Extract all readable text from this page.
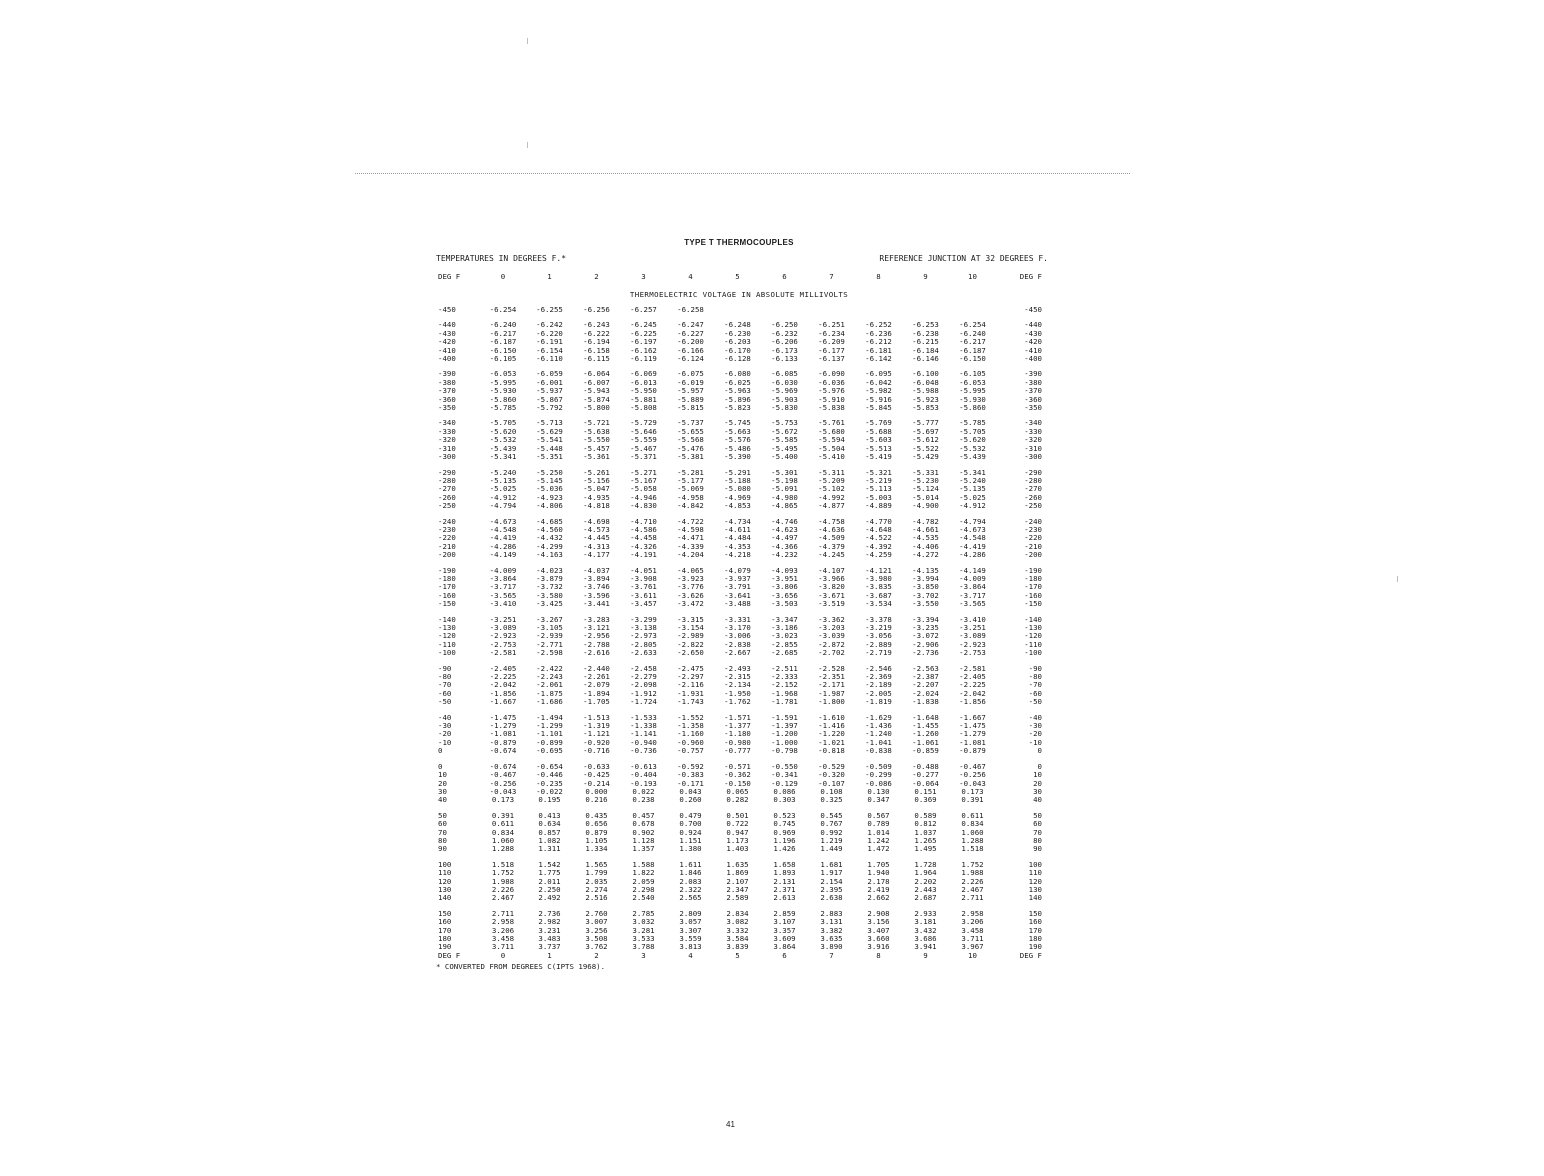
TYPE T THERMOCOUPLES
TEMPERATURES IN DEGREES F.*	REFERENCE JUNCTION AT 32 DEGREES F.
DEG F	0	1	2	3	4	5	6	7	8	9	10	DEG F
THERMOELECTRIC VOLTAGE IN ABSOLUTE MILLIVOLTS												
-450	-6.254	-6.255	-6.256	-6.257	-6.258							-450

-440	-6.240	-6.242	-6.243	-6.245	-6.247	-6.248	-6.250	-6.251	-6.252	-6.253	-6.254	-440
-430	-6.217	-6.220	-6.222	-6.225	-6.227	-6.230	-6.232	-6.234	-6.236	-6.238	-6.240	-430
-420	-6.187	-6.191	-6.194	-6.197	-6.200	-6.203	-6.206	-6.209	-6.212	-6.215	-6.217	-420
-410	-6.150	-6.154	-6.158	-6.162	-6.166	-6.170	-6.173	-6.177	-6.181	-6.184	-6.187	-410
-400	-6.105	-6.110	-6.115	-6.119	-6.124	-6.128	-6.133	-6.137	-6.142	-6.146	-6.150	-400

-390	-6.053	-6.059	-6.064	-6.069	-6.075	-6.080	-6.085	-6.090	-6.095	-6.100	-6.105	-390
-380	-5.995	-6.001	-6.007	-6.013	-6.019	-6.025	-6.030	-6.036	-6.042	-6.048	-6.053	-380
-370	-5.930	-5.937	-5.943	-5.950	-5.957	-5.963	-5.969	-5.976	-5.982	-5.988	-5.995	-370
-360	-5.860	-5.867	-5.874	-5.881	-5.889	-5.896	-5.903	-5.910	-5.916	-5.923	-5.930	-360
-350	-5.785	-5.792	-5.800	-5.808	-5.815	-5.823	-5.830	-5.838	-5.845	-5.853	-5.860	-350

-340	-5.705	-5.713	-5.721	-5.729	-5.737	-5.745	-5.753	-5.761	-5.769	-5.777	-5.785	-340
-330	-5.620	-5.629	-5.638	-5.646	-5.655	-5.663	-5.672	-5.680	-5.688	-5.697	-5.705	-330
-320	-5.532	-5.541	-5.550	-5.559	-5.568	-5.576	-5.585	-5.594	-5.603	-5.612	-5.620	-320
-310	-5.439	-5.448	-5.457	-5.467	-5.476	-5.486	-5.495	-5.504	-5.513	-5.522	-5.532	-310
-300	-5.341	-5.351	-5.361	-5.371	-5.381	-5.390	-5.400	-5.410	-5.419	-5.429	-5.439	-300

-290	-5.240	-5.250	-5.261	-5.271	-5.281	-5.291	-5.301	-5.311	-5.321	-5.331	-5.341	-290
-280	-5.135	-5.145	-5.156	-5.167	-5.177	-5.188	-5.198	-5.209	-5.219	-5.230	-5.240	-280
-270	-5.025	-5.036	-5.047	-5.058	-5.069	-5.080	-5.091	-5.102	-5.113	-5.124	-5.135	-270
-260	-4.912	-4.923	-4.935	-4.946	-4.958	-4.969	-4.980	-4.992	-5.003	-5.014	-5.025	-260
-250	-4.794	-4.806	-4.818	-4.830	-4.842	-4.853	-4.865	-4.877	-4.889	-4.900	-4.912	-250

-240	-4.673	-4.685	-4.698	-4.710	-4.722	-4.734	-4.746	-4.758	-4.770	-4.782	-4.794	-240
-230	-4.548	-4.560	-4.573	-4.586	-4.598	-4.611	-4.623	-4.636	-4.648	-4.661	-4.673	-230
-220	-4.419	-4.432	-4.445	-4.458	-4.471	-4.484	-4.497	-4.509	-4.522	-4.535	-4.548	-220
-210	-4.286	-4.299	-4.313	-4.326	-4.339	-4.353	-4.366	-4.379	-4.392	-4.406	-4.419	-210
-200	-4.149	-4.163	-4.177	-4.191	-4.204	-4.218	-4.232	-4.245	-4.259	-4.272	-4.286	-200

-190	-4.009	-4.023	-4.037	-4.051	-4.065	-4.079	-4.093	-4.107	-4.121	-4.135	-4.149	-190
-180	-3.864	-3.879	-3.894	-3.908	-3.923	-3.937	-3.951	-3.966	-3.980	-3.994	-4.009	-180
-170	-3.717	-3.732	-3.746	-3.761	-3.776	-3.791	-3.806	-3.820	-3.835	-3.850	-3.864	-170
-160	-3.565	-3.580	-3.596	-3.611	-3.626	-3.641	-3.656	-3.671	-3.687	-3.702	-3.717	-160
-150	-3.410	-3.425	-3.441	-3.457	-3.472	-3.488	-3.503	-3.519	-3.534	-3.550	-3.565	-150

-140	-3.251	-3.267	-3.283	-3.299	-3.315	-3.331	-3.347	-3.362	-3.378	-3.394	-3.410	-140
-130	-3.089	-3.105	-3.121	-3.138	-3.154	-3.170	-3.186	-3.203	-3.219	-3.235	-3.251	-130
-120	-2.923	-2.939	-2.956	-2.973	-2.989	-3.006	-3.023	-3.039	-3.056	-3.072	-3.089	-120
-110	-2.753	-2.771	-2.788	-2.805	-2.822	-2.838	-2.855	-2.872	-2.889	-2.906	-2.923	-110
-100	-2.581	-2.598	-2.616	-2.633	-2.650	-2.667	-2.685	-2.702	-2.719	-2.736	-2.753	-100

-90	-2.405	-2.422	-2.440	-2.458	-2.475	-2.493	-2.511	-2.528	-2.546	-2.563	-2.581	-90
-80	-2.225	-2.243	-2.261	-2.279	-2.297	-2.315	-2.333	-2.351	-2.369	-2.387	-2.405	-80
-70	-2.042	-2.061	-2.079	-2.098	-2.116	-2.134	-2.152	-2.171	-2.189	-2.207	-2.225	-70
-60	-1.856	-1.875	-1.894	-1.912	-1.931	-1.950	-1.968	-1.987	-2.005	-2.024	-2.042	-60
-50	-1.667	-1.686	-1.705	-1.724	-1.743	-1.762	-1.781	-1.800	-1.819	-1.838	-1.856	-50

-40	-1.475	-1.494	-1.513	-1.533	-1.552	-1.571	-1.591	-1.610	-1.629	-1.648	-1.667	-40
-30	-1.279	-1.299	-1.319	-1.338	-1.358	-1.377	-1.397	-1.416	-1.436	-1.455	-1.475	-30
-20	-1.081	-1.101	-1.121	-1.141	-1.160	-1.180	-1.200	-1.220	-1.240	-1.260	-1.279	-20
-10	-0.879	-0.899	-0.920	-0.940	-0.960	-0.980	-1.000	-1.021	-1.041	-1.061	-1.081	-10
0	-0.674	-0.695	-0.716	-0.736	-0.757	-0.777	-0.798	-0.818	-0.838	-0.859	-0.879	0

0	-0.674	-0.654	-0.633	-0.613	-0.592	-0.571	-0.550	-0.529	-0.509	-0.488	-0.467	0
10	-0.467	-0.446	-0.425	-0.404	-0.383	-0.362	-0.341	-0.320	-0.299	-0.277	-0.256	10
20	-0.256	-0.235	-0.214	-0.193	-0.171	-0.150	-0.129	-0.107	-0.086	-0.064	-0.043	20
30	-0.043	-0.022	0.000	0.022	0.043	0.065	0.086	0.108	0.130	0.151	0.173	30
40	0.173	0.195	0.216	0.238	0.260	0.282	0.303	0.325	0.347	0.369	0.391	40

50	0.391	0.413	0.435	0.457	0.479	0.501	0.523	0.545	0.567	0.589	0.611	50
60	0.611	0.634	0.656	0.678	0.700	0.722	0.745	0.767	0.789	0.812	0.834	60
70	0.834	0.857	0.879	0.902	0.924	0.947	0.969	0.992	1.014	1.037	1.060	70
80	1.060	1.082	1.105	1.128	1.151	1.173	1.196	1.219	1.242	1.265	1.288	80
90	1.288	1.311	1.334	1.357	1.380	1.403	1.426	1.449	1.472	1.495	1.518	90

100	1.518	1.542	1.565	1.588	1.611	1.635	1.658	1.681	1.705	1.728	1.752	100
110	1.752	1.775	1.799	1.822	1.846	1.869	1.893	1.917	1.940	1.964	1.988	110
120	1.988	2.011	2.035	2.059	2.083	2.107	2.131	2.154	2.178	2.202	2.226	120
130	2.226	2.250	2.274	2.298	2.322	2.347	2.371	2.395	2.419	2.443	2.467	130
140	2.467	2.492	2.516	2.540	2.565	2.589	2.613	2.638	2.662	2.687	2.711	140

150	2.711	2.736	2.760	2.785	2.809	2.834	2.859	2.883	2.908	2.933	2.958	150
160	2.958	2.982	3.007	3.032	3.057	3.082	3.107	3.131	3.156	3.181	3.206	160
170	3.206	3.231	3.256	3.281	3.307	3.332	3.357	3.382	3.407	3.432	3.458	170
180	3.458	3.483	3.508	3.533	3.559	3.584	3.609	3.635	3.660	3.686	3.711	180
190	3.711	3.737	3.762	3.788	3.813	3.839	3.864	3.890	3.916	3.941	3.967	190
DEG F	0	1	2	3	4	5	6	7	8	9	10	DEG F
* CONVERTED FROM DEGREES C(IPTS 1968).
41
